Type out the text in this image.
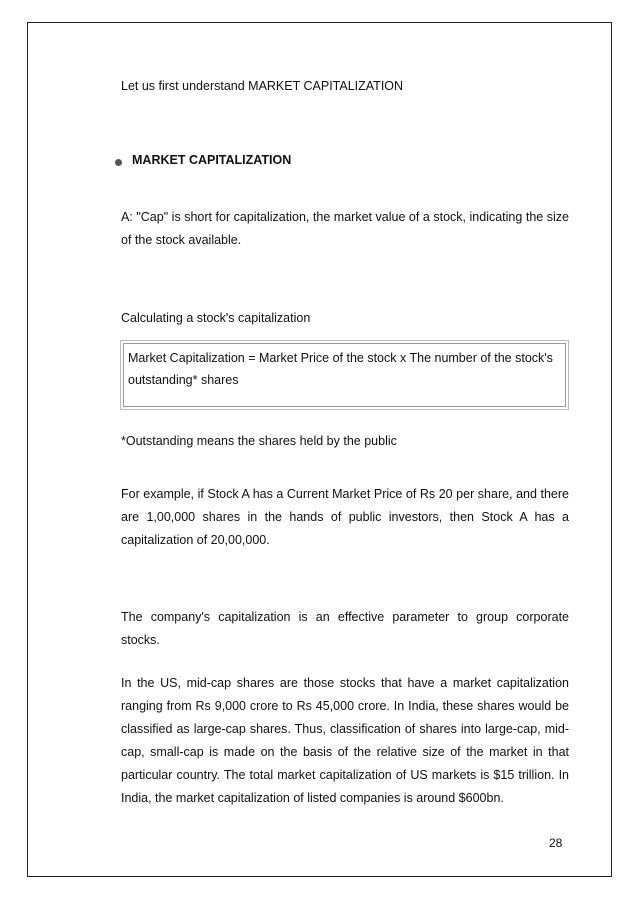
Let us first understand MARKET CAPITALIZATION
MARKET CAPITALIZATION
A: "Cap" is short for capitalization, the market value of a stock, indicating the size of the stock available.
Calculating a stock's capitalization
Market Capitalization = Market Price of the stock x The number of the stock's outstanding* shares
*Outstanding means the shares held by the public
For example, if Stock A has a Current Market Price of Rs 20 per share, and there are 1,00,000 shares in the hands of public investors, then Stock A has a capitalization of 20,00,000.
The company's capitalization is an effective parameter to group corporate stocks.
In the US, mid-cap shares are those stocks that have a market capitalization ranging from Rs 9,000 crore to Rs 45,000 crore. In India, these shares would be classified as large-cap shares. Thus, classification of shares into large-cap, mid-cap, small-cap is made on the basis of the relative size of the market in that particular country. The total market capitalization of US markets is $15 trillion. In India, the market capitalization of listed companies is around $600bn.
28
